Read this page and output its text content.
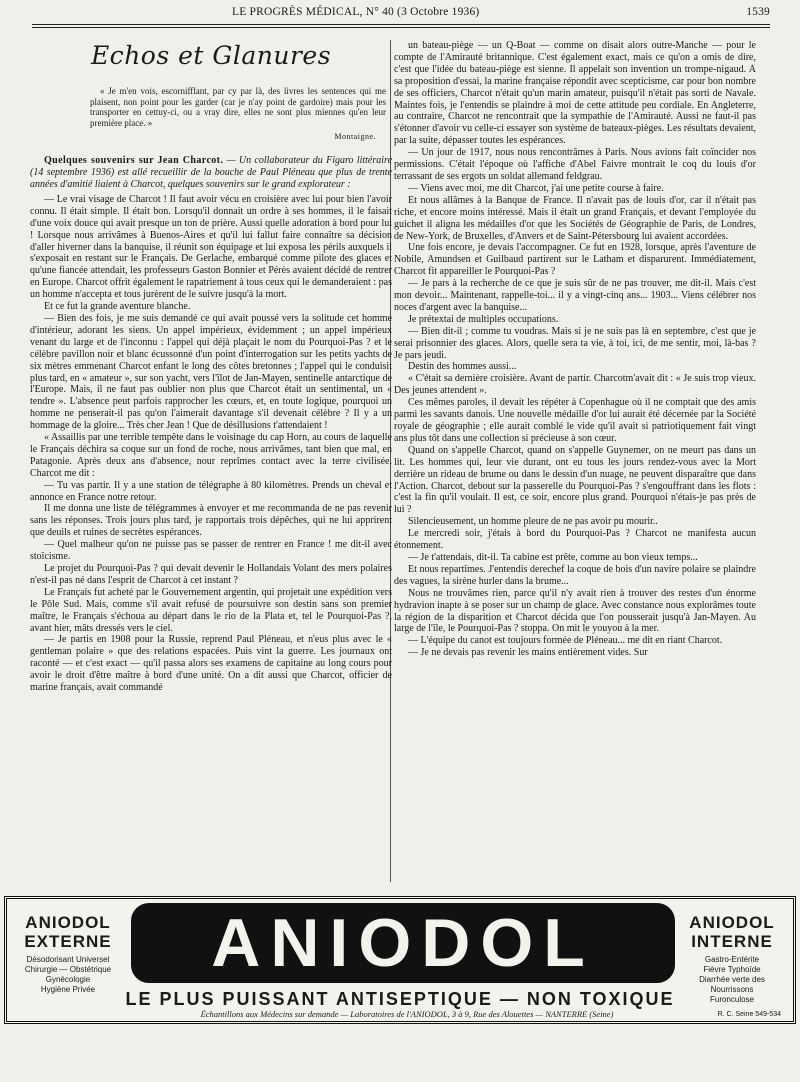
LE PROGRÈS MÉDICAL, N° 40 (3 Octobre 1936)	1539
Echos et Glanures
« Je m'en vois, escornifflant, par cy par là, des livres les sentences qui me plaisent, non point pour les garder (car je n'ay point de gardoire) mais pour les transporter en cettuy-ci, ou a vray dire, elles ne sont plus miennes qu'en leur première place. »
Montaigne.

Quelques souvenirs sur Jean Charcot. — Un collaborateur du Figaro littéraire (14 septembre 1936) est allé recueillir de la bouche de Paul Pléneau que plus de trente années d'amitié liaient à Charcot, quelques souvenirs sur le grand explorateur :

— Le vrai visage de Charcot ! Il faut avoir vécu en croisière avec lui pour bien l'avoir connu. Il était simple. Il était bon. Lorsqu'il donnait un ordre à ses hommes, il le faisait d'une voix douce qui avait presque un ton de prière. Aussi quelle adoration à bord pour lui ! Lorsque nous arrivâmes à Buenos-Aires et qu'il lui fallut faire connaître sa décision d'aller hiverner dans la banquise, il réunit son équipage et lui exposa les périls auxquels il s'exposait en restant sur le Français. De Gerlache, embarqué comme pilote des glaces et qu'une fiancée attendait, les professeurs Gaston Bonnier et Pérès avaient décidé de rentrer en Europe. Charcot offrit également le rapatriement à tous ceux qui le demanderaient : pas un homme n'accepta et tous jurèrent de le suivre jusqu'à la mort.

Et ce fut la grande aventure blanche.

— Bien des fois, je me suis demandé ce qui avait poussé vers la solitude cet homme d'intérieur, adorant les siens. Un appel impérieux, évidemment ; un appel impérieux venant du large et de l'inconnu : l'appel qui déjà plaçait le nom du Pourquoi-Pas ? et le célèbre pavillon noir et blanc écussonné d'un point d'interrogation sur les petits yachts de six mètres emmenant Charcot enfant le long des côtes bretonnes ; l'appel qui le conduisit plus tard, en « amateur », sur son yacht, vers l'îlot de Jan-Mayen, sentinelle antarctique de l'Europe. Mais, il ne faut pas oublier non plus que Charcot était un sentimental, un « tendre ». L'absence peut parfois rapprocher les cœurs, et, en toute logique, pourquoi un homme ne penserait-il pas qu'on l'aimerait davantage s'il devenait célèbre ? Il y a un hommage de la gloire... Très cher Jean ! Que de désillusions t'attendaient !

« Assaillis par une terrible tempête dans le voisinage du cap Horn, au cours de laquelle le Français déchira sa coque sur un fond de roche, nous arrivâmes, tant bien que mal, en Patagonie. Après deux ans d'absence, nour reprîmes contact avec la terre civilisée. Charcot me dit :

— Tu vas partir. Il y a une station de télégraphe à 80 kilomètres. Prends un cheval et annonce en France notre retour.

Il me donna une liste de télégrammes à envoyer et me recommanda de ne pas revenir sans les réponses. Trois jours plus tard, je rapportais trois dépêches, qui ne lui apprirent que deuils et ruines de secrètes espérances.

— Quel malheur qu'on ne puisse pas se passer de rentrer en France ! me dit-il avec stoïcisme.

Le projet du Pourquoi-Pas ? qui devait devenir le Hollandais Volant des mers polaires n'est-il pas né dans l'esprit de Charcot à cet instant ?

Le Français fut acheté par le Gouvernement argentin, qui projetait une expédition vers le Pôle Sud. Mais, comme s'il avait refusé de poursuivre son destin sans son premier maître, le Français s'échoua au départ dans le rio de la Plata et, tel le Pourquoi-Pas ?, avant hier, mâts dressés vers le ciel.

— Je partis en 1908 pour la Russie, reprend Paul Pléneau, et n'eus plus avec le « gentleman polaire » que des relations espacées. Puis vint la guerre. Les journaux ont raconté — et c'est exact — qu'il passa alors ses examens de capitaine au long cours pour avoir le droit d'être maître à bord d'une unité. On a dit aussi que Charcot, officier de marine français, avait commandé

un bateau-piège — un Q-Boat — comme on disait alors outre-Manche — pour le compte de l'Amirauté britannique. C'est également exact, mais ce qu'on a omis de dire, c'est que l'idée du bateau-piège est sienne. Il appelait son invention un trompe-nigaud. A sa proposition d'essai, la marine française répondit avec scepticisme, car pour bon nombre de ses officiers, Charcot n'était qu'un marin amateur, puisqu'il n'était pas sorti de Navale. Maintes fois, je l'entendis se plaindre à moi de cette attitude peu cordiale. En Angleterre, au contraire, Charcot ne rencontrait que la sympathie de l'Amirauté. Aussi ne faut-il pas s'étonner d'avoir vu celle-ci essayer son système de bateaux-pièges. Les résultats devaient, par la suite, dépasser toutes les espérances.

— Un jour de 1917, nous nous rencontrâmes à Paris. Nous avions fait coïncider nos permissions. C'était l'époque où l'affiche d'Abel Faivre montrait le coq du louis d'or terrassant de ses ergots un soldat allemand feldgrau.

— Viens avec moi, me dit Charcot, j'ai une petite course à faire.

Et nous allâmes à la Banque de France. Il n'avait pas de louis d'or, car il n'était pas riche, et encore moins intéressé. Mais il était un grand Français, et devant l'employée du guichet il aligna les médailles d'or que les Sociétés de Géographie de Paris, de Londres, de New-York, de Bruxelles, d'Anvers et de Saint-Pétersbourg lui avaient accordées.

Une fois encore, je devais l'accompagner. Ce fut en 1928, lorsque, après l'aventure de Nobile, Amundsen et Guilbaud partirent sur le Latham et disparurent. Immédiatement, Charcot fit appareiller le Pourquoi-Pas ?

— Je pars à la recherche de ce que je suis sûr de ne pas trouver, me dit-il. Mais c'est mon devoir... Maintenant, rappelle-toi... il y a vingt-cinq ans... 1903... Viens célébrer nos noces d'argent avec la banquise...

Je prétextai de multiples occupations.

— Bien dit-il ; comme tu voudras. Mais si je ne suis pas là en septembre, c'est que je serai prisonnier des glaces. Alors, quelle sera ta vie, à toi, ici, de me sentir, moi, là-bas ? Je pars jeudi.

Destin des hommes aussi...

« C'était sa dernière croisière. Avant de partir. Charcotm'avait dit : « Je suis trop vieux. Des jeunes attendent ».

Ces mêmes paroles, il devait les répéter à Copenhague où il ne comptait que des amis parmi les savants danois. Une nouvelle médaille d'or lui aurait été décernée par la Société royale de géographie ; elle aurait comblé le vide qu'il avait si patriotiquement fait vingt ans plus tôt dans une collection si précieuse à son cœur.

Quand on s'appelle Charcot, quand on s'appelle Guynemer, on ne meurt pas dans un lit. Les hommes qui, leur vie durant, ont eu tous les jours rendez-vous avec la Mort derrière un rideau de brume ou dans le dessin d'un nuage, ne peuvent disparaître que dans l'Action. Charcot, debout sur la passerelle du Pourquoi-Pas ? s'engouffrant dans les flots : c'est la fin qu'il voulait. Il est, ce soir, encore plus grand. Pourquoi n'étais-je pas près de lui ?

Silencieusement, un homme pleure de ne pas avoir pu mourir..

Le mercredi soir, j'étais à bord du Pourquoi-Pas ? Charcot ne manifesta aucun étonnement.

— Je t'attendais, dit-il. Ta cabine est prête, comme au bon vieux temps...

Et nous repartîmes. J'entendis derechef la coque de bois d'un navire polaire se plaindre des vagues, la sirène hurler dans la brume...

Nous ne trouvâmes rien, parce qu'il n'y avait rien à trouver des restes d'un énorme hydravion inapte à se poser sur un champ de glace. Avec constance nous explorâmes toute la région de la disparition et Charcot décida que l'on pousserait jusqu'à Jan-Mayen. Au large de l'île, le Pourquoi-Pas ? stoppa. On mit le youyou à la mer.

— L'équipe du canot est toujours formée de Pléneau... me dit en riant Charcot.

— Je ne devais pas revenir les mains entièrement vides. Sur

ANIODOL
EXTERNE
Désodorisant Universel
Chirurgie — Obstétrique
Gynécologie
Hygiène Privée
ANIODOL	ANIODOL
INTERNE
Gastro-Entérite
Fièvre Typhoïde
Diarrhée verte des Nourrissons
Furonculose
LE PLUS PUISSANT ANTISEPTIQUE — NON TOXIQUE
Échantillons aux Médecins sur demande — Laboratoires de l'ANIODOL, 3 à 9, Rue des Alouettes — NANTERRE (Seine)	R. C. Seine 549-534
